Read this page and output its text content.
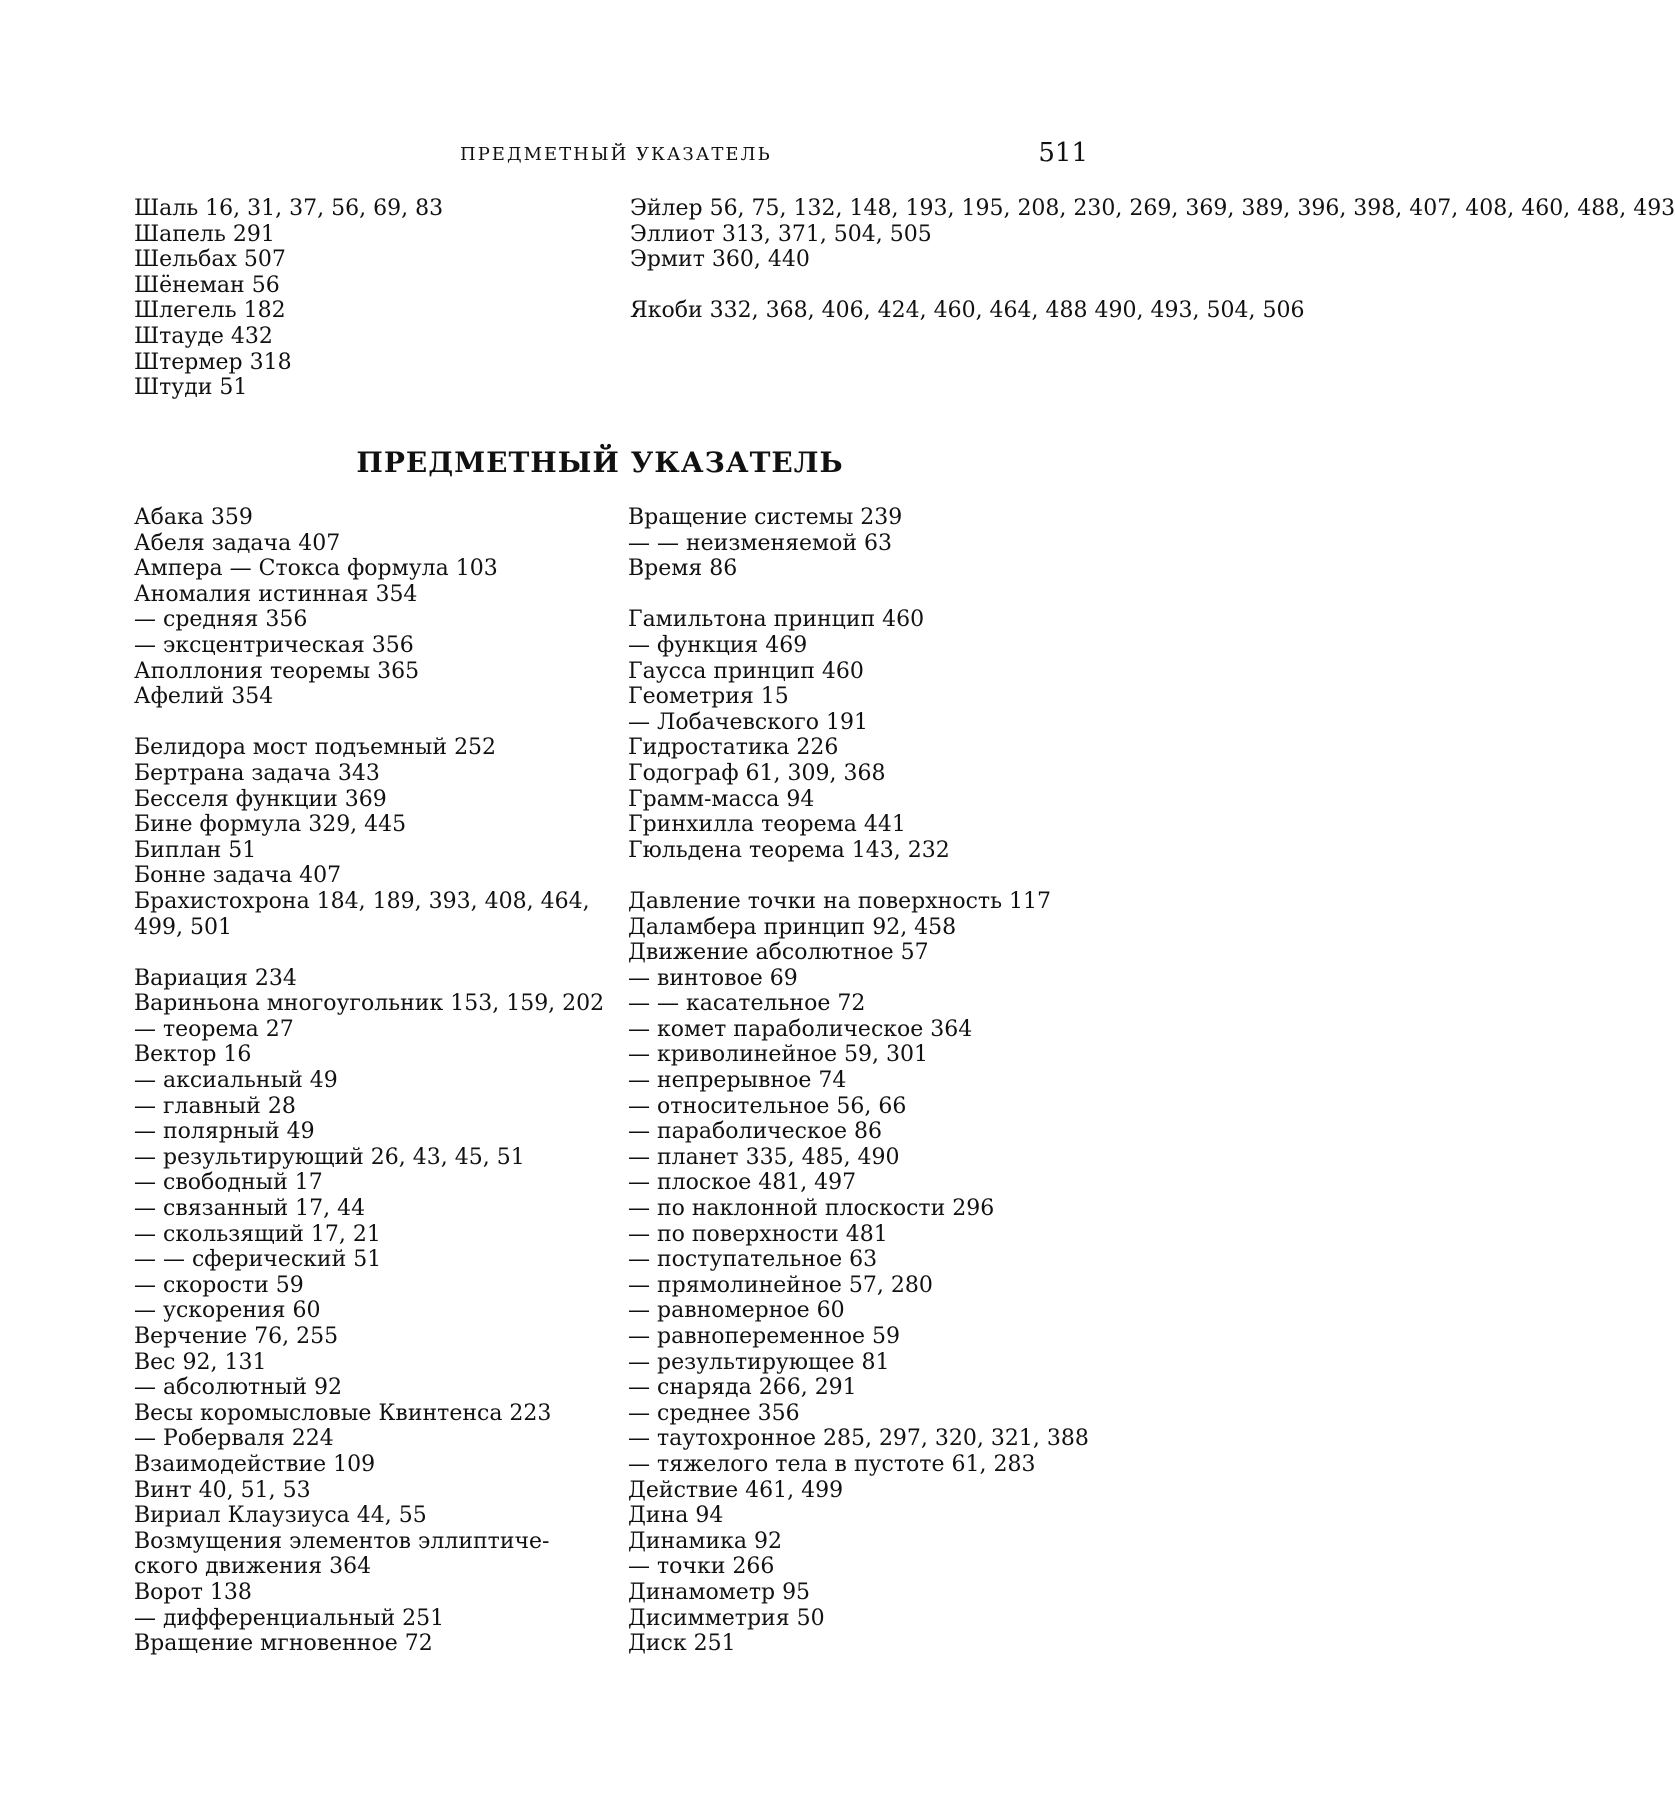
ПРЕДМЕТНЫЙ УКАЗАТЕЛЬ	511
Шаль 16, 31, 37, 56, 69, 83
Шапель 291
Шельбах 507
Шёнеман 56
Шлегель 182
Штауде 432
Штермер 318
Штуди 51
Эйлер 56, 75, 132, 148, 193, 195, 208, 230, 269, 369, 389, 396, 398, 407, 408, 460, 488, 493
Эллиот 313, 371, 504, 505
Эрмит 360, 440
Якоби 332, 368, 406, 424, 460, 464, 488 490, 493, 504, 506
ПРЕДМЕТНЫЙ УКАЗАТЕЛЬ
Абака 359
Абеля задача 407
Ампера — Стокса формула 103
Аномалия истинная 354
— средняя 356
— эксцентрическая 356
Аполлония теоремы 365
Афелий 354
Белидора мост подъемный 252
Бертрана задача 343
Бесселя функции 369
Бине формула 329, 445
Биплан 51
Бонне задача 407
Брахистохрона 184, 189, 393, 408, 464,
499, 501
Вариация 234
Вариньона многоугольник 153, 159, 202
— теорема 27
Вектор 16
— аксиальный 49
— главный 28
— полярный 49
— результирующий 26, 43, 45, 51
— свободный 17
— связанный 17, 44
— скользящий 17, 21
— — сферический 51
— скорости 59
— ускорения 60
Верчение 76, 255
Вес 92, 131
— абсолютный 92
Весы коромысловые Квинтенса 223
— Роберваля 224
Взаимодействие 109
Винт 40, 51, 53
Вириал Клаузиуса 44, 55
Возмущения элементов эллиптиче-
ского движения 364
Ворот 138
— дифференциальный 251
Вращение мгновенное 72
Вращение системы 239
— — неизменяемой 63
Время 86
Гамильтона принцип 460
— функция 469
Гаусса принцип 460
Геометрия 15
— Лобачевского 191
Гидростатика 226
Годограф 61, 309, 368
Грамм-масса 94
Гринхилла теорема 441
Гюльдена теорема 143, 232
Давление точки на поверхность 117
Даламбера принцип 92, 458
Движение абсолютное 57
— винтовое 69
— — касательное 72
— комет параболическое 364
— криволинейное 59, 301
— непрерывное 74
— относительное 56, 66
— параболическое 86
— планет 335, 485, 490
— плоское 481, 497
— по наклонной плоскости 296
— по поверхности 481
— поступательное 63
— прямолинейное 57, 280
— равномерное 60
— равнопеременное 59
— результирующее 81
— снаряда 266, 291
— среднее 356
— таутохронное 285, 297, 320, 321, 388
— тяжелого тела в пустоте 61, 283
Действие 461, 499
Дина 94
Динамика 92
— точки 266
Динамометр 95
Дисимметрия 50
Диск 251
